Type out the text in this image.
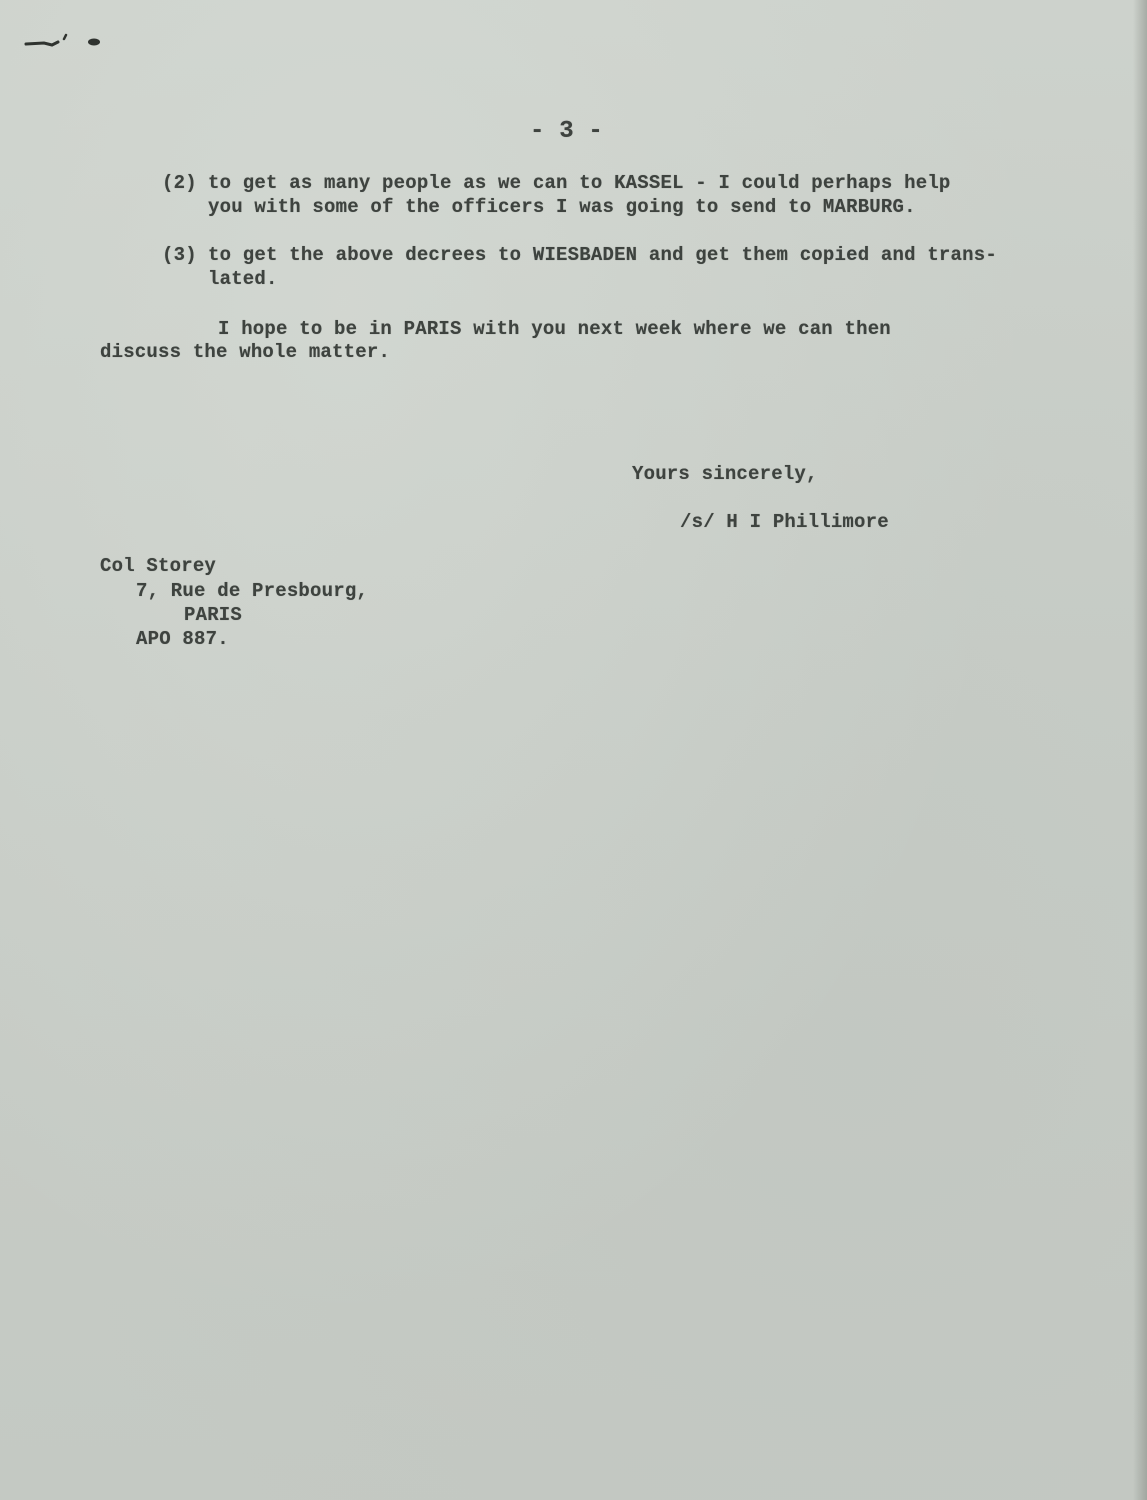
- 3 -
(2) to get as many people as we can to KASSEL - I could perhaps help
you with some of the officers I was going to send to MARBURG.
(3) to get the above decrees to WIESBADEN and get them copied and trans-
lated.
I hope to be in PARIS with you next week where we can then
discuss the whole matter.
Yours sincerely,
/s/ H I Phillimore
Col Storey
7, Rue de Presbourg,
PARIS
APO 887.
